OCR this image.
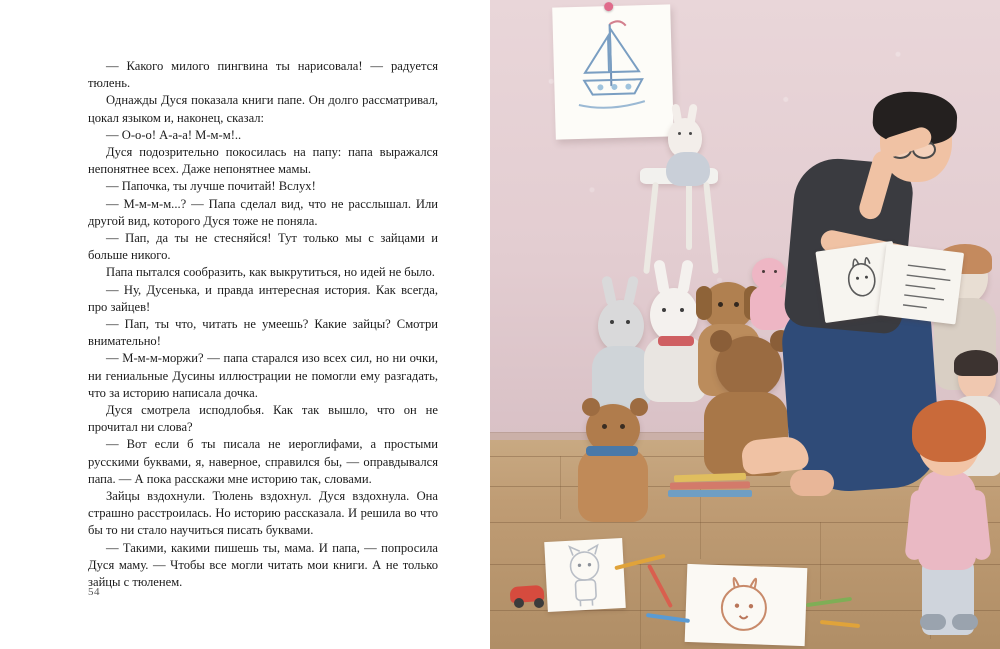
— Какого милого пингвина ты нарисовала! — радуется тюлень.

Однажды Дуся показала книги папе. Он долго рассматривал, цокал языком и, наконец, сказал:

— О-о-о! А-а-а! М-м-м!..

Дуся подозрительно покосилась на папу: папа выражался непонятнее всех. Даже непонятнее мамы.

— Папочка, ты лучше почитай! Вслух!

— М-м-м-м...? — Папа сделал вид, что не расслышал. Или другой вид, которого Дуся тоже не поняла.

— Пап, да ты не стесняйся! Тут только мы с зайцами и больше никого.

Папа пытался сообразить, как выкрутиться, но идей не было.

— Ну, Дусенька, и правда интересная история. Как всегда, про зайцев!

— Пап, ты что, читать не умеешь? Какие зайцы? Смотри внимательно!

— М-м-м-моржи? — папа старался изо всех сил, но ни очки, ни гениальные Дусины иллюстрации не помогли ему разгадать, что за историю написала дочка.

Дуся смотрела исподлобья. Как так вышло, что он не прочитал ни слова?

— Вот если б ты писала не иероглифами, а простыми русскими буквами, я, наверное, справился бы, — оправдывался папа. — А пока расскажи мне историю так, словами.

Зайцы вздохнули. Тюлень вздохнул. Дуся вздохнула. Она страшно расстроилась. Но историю рассказала. И решила во что бы то ни стало научиться писать буквами.

— Такими, какими пишешь ты, мама. И папа, — попросила Дуся маму. — Чтобы все могли читать мои книги. А не только зайцы с тюленем.

54
